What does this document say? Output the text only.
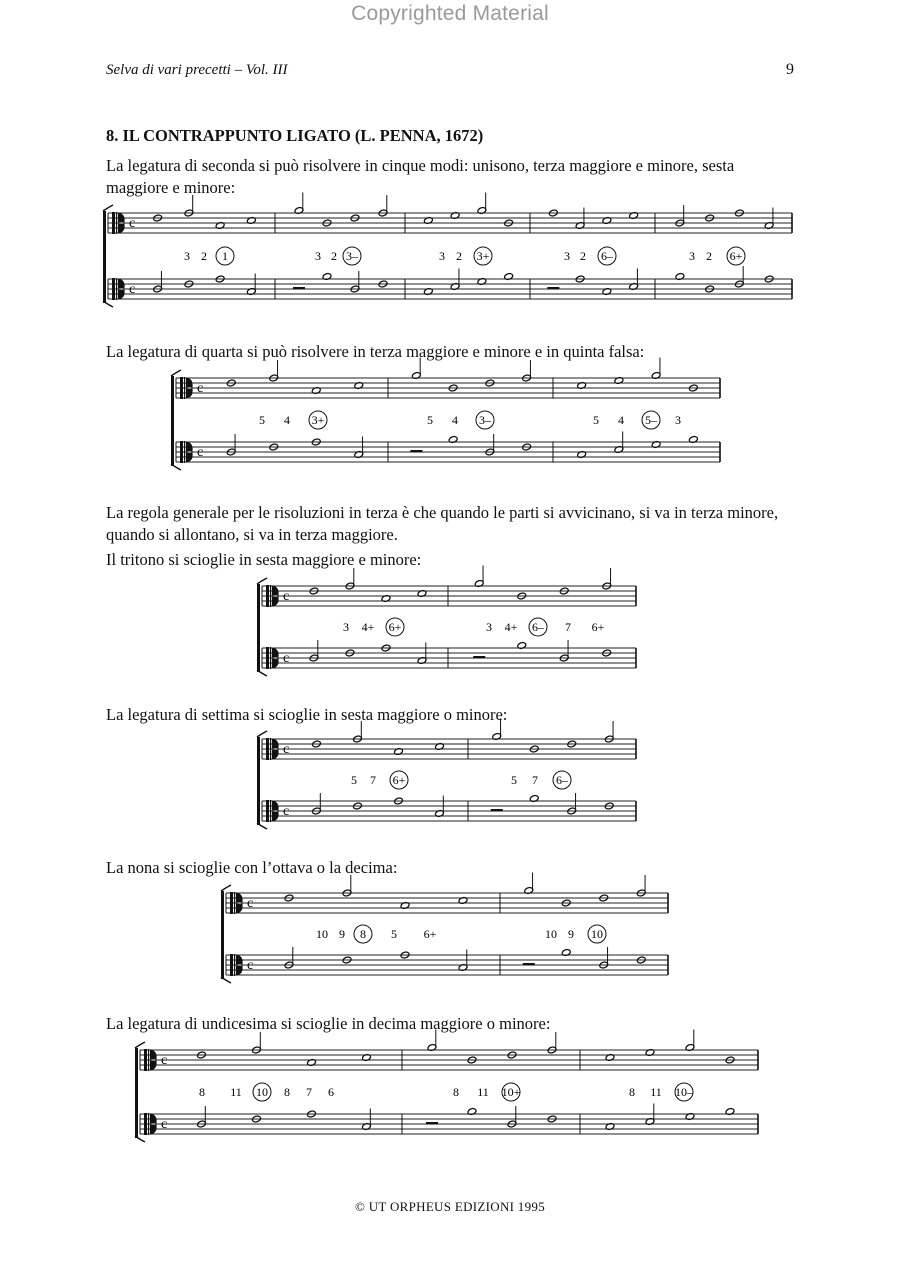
Copyrighted Material
Selva di vari precetti – Vol. III	9
8. IL CONTRAPPUNTO LIGATO (L. PENNA, 1672)
La legatura di seconda si può risolvere in cinque modi: unisono, terza maggiore e minore, sesta maggiore e minore:
c
c
3 2 1	3 2 3–	3 2 3+	3 2 6–	3 2 6+
La legatura di quarta si può risolvere in terza maggiore e minore e in quinta falsa:
c
c
5 4 3+	5 4 3–	5 4 5– 3
La regola generale per le risoluzioni in terza è che quando le parti si avvicinano, si va in terza minore, quando si allontano, si va in terza maggiore.
Il tritono si scioglie in sesta maggiore e minore:
c
c
3 4+ 6+	3 4+ 6– 7 6+
La legatura di settima si scioglie in sesta maggiore o minore:
c
c
5 7 6+	5 7 6–
La nona si scioglie con l’ottava o la decima:
c
c
10 9 8 5 6+	10 9 10
La legatura di undicesima si scioglie in decima maggiore o minore:
c
c
8 11 10 8 7 6	8 11 10+	8 11 10–
© UT ORPHEUS EDIZIONI 1995
